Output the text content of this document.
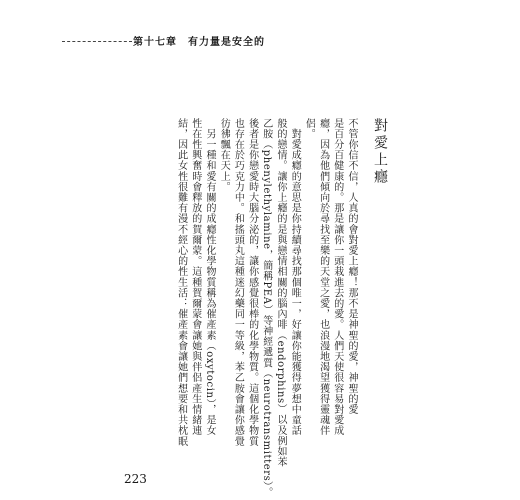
第十七章　有力量是安全的
對愛上癮
不管你信不信，人真的會對愛上癮！那不是神聖的愛，神聖的愛
是百分百健康的。那是讓你一頭栽進去的愛。人們天使很容易對愛成
癮，因為他們傾向於尋找至樂的天堂之愛，也浪漫地渴望獲得靈魂伴
侶。
　對愛成癮的意思是你持續尋找那個唯一，好讓你能獲得夢想中童話
般的戀情。讓你上癮的是與戀情相關的腦內啡（endorphins）以及例如苯
乙胺（phenylethylamine，簡稱PEA）等神經遞質（neurotransmitters）。
後者是你戀愛時大腦分泌的，讓你感覺很棒的化學物質。這個化學物質
也存在於巧克力中。和搖頭丸這種迷幻藥同一等級，苯乙胺會讓你感覺
彷彿飄在天上。
　另一種和愛有關的成癮性化學物質稱為催產素（oxytocin），是女
性在性興奮時會釋放的賀爾蒙。這種賀爾蒙會讓她與伴侶產生情緒連
結，因此女性很難有漫不經心的性生活：催產素會讓她們想要和共枕眠
223
